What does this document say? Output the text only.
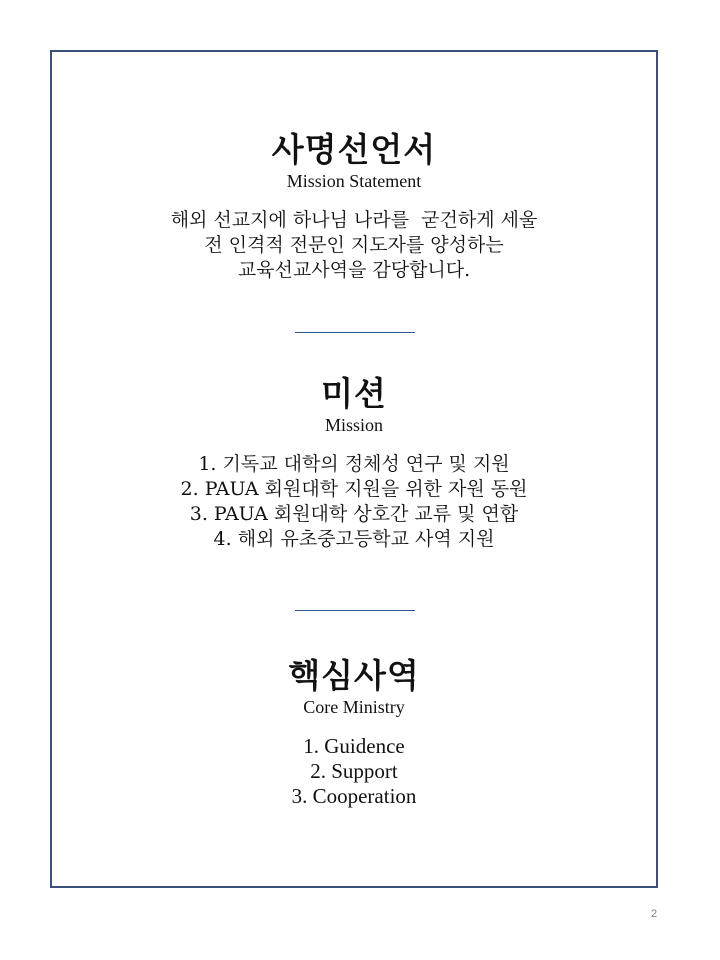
사명선언서

Mission Statement

해외 선교지에 하나님 나라를  굳건하게 세울
전 인격적 전문인 지도자를 양성하는
교육선교사역을 감당합니다.
미션

Mission

1. 기독교 대학의 정체성 연구 및 지원
2. PAUA 회원대학 지원을 위한 자원 동원
3. PAUA 회원대학 상호간 교류 및 연합
4. 해외 유초중고등학교 사역 지원
핵심사역

Core Ministry

1. Guidence
2. Support
3. Cooperation
2
